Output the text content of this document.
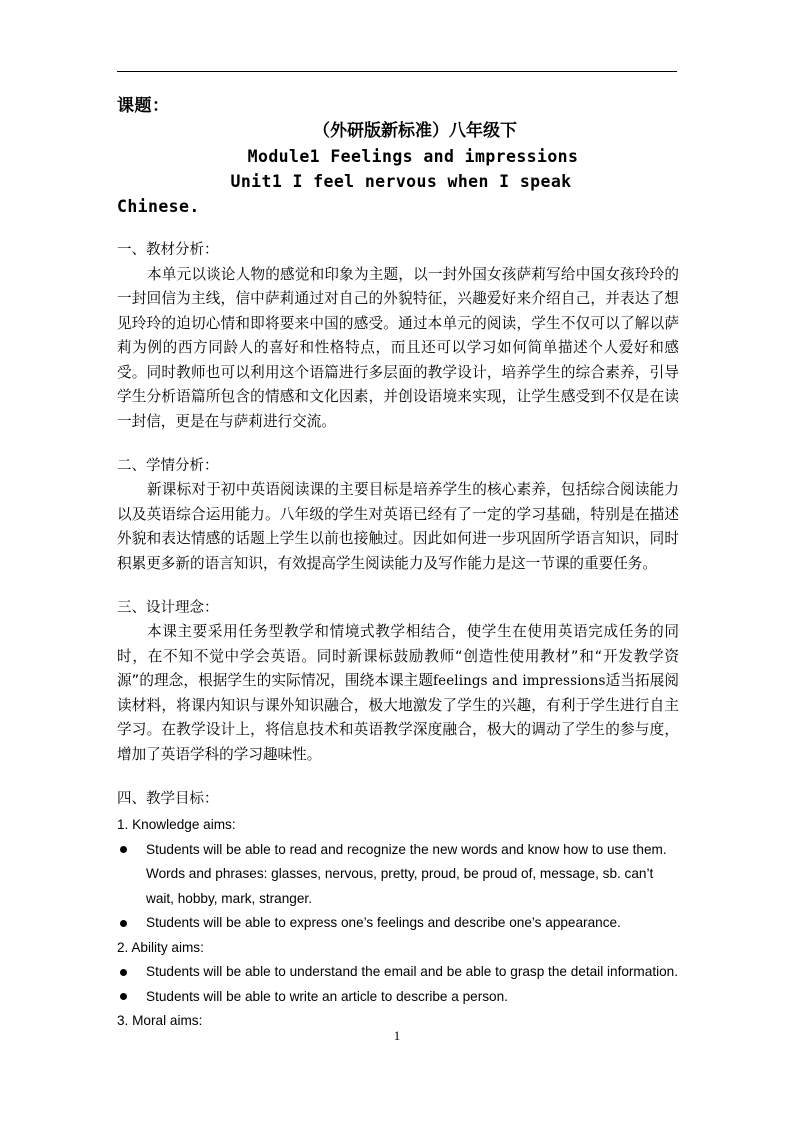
课题：
（外研版新标准）八年级下
Module1 Feelings and impressions
Unit1 I feel nervous when I speak
Chinese.

一、教材分析：

本单元以谈论人物的感觉和印象为主题，以一封外国女孩萨莉写给中国女孩玲玲的一封回信为主线，信中萨莉通过对自己的外貌特征，兴趣爱好来介绍自己，并表达了想见玲玲的迫切心情和即将要来中国的感受。通过本单元的阅读，学生不仅可以了解以萨莉为例的西方同龄人的喜好和性格特点，而且还可以学习如何简单描述个人爱好和感受。同时教师也可以利用这个语篇进行多层面的教学设计，培养学生的综合素养，引导学生分析语篇所包含的情感和文化因素，并创设语境来实现，让学生感受到不仅是在读一封信，更是在与萨莉进行交流。

二、学情分析：

新课标对于初中英语阅读课的主要目标是培养学生的核心素养，包括综合阅读能力以及英语综合运用能力。八年级的学生对英语已经有了一定的学习基础，特别是在描述外貌和表达情感的话题上学生以前也接触过。因此如何进一步巩固所学语言知识，同时积累更多新的语言知识，有效提高学生阅读能力及写作能力是这一节课的重要任务。

三、设计理念：

本课主要采用任务型教学和情境式教学相结合，使学生在使用英语完成任务的同时，在不知不觉中学会英语。同时新课标鼓励教师“创造性使用教材”和“开发教学资源”的理念，根据学生的实际情况，围绕本课主题feelings and impressions适当拓展阅读材料，将课内知识与课外知识融合，极大地激发了学生的兴趣，有利于学生进行自主学习。在教学设计上，将信息技术和英语教学深度融合，极大的调动了学生的参与度，增加了英语学科的学习趣味性。

四、教学目标：

1. Knowledge aims:

Students will be able to read and recognize the new words and know how to use them. Words and phrases: glasses, nervous, pretty, proud, be proud of, message, sb. can’t wait, hobby, mark, stranger.
Students will be able to express one’s feelings and describe one’s appearance.

2. Ability aims:

Students will be able to understand the email and be able to grasp the detail information.
Students will be able to write an article to describe a person.

3. Moral aims:

1
